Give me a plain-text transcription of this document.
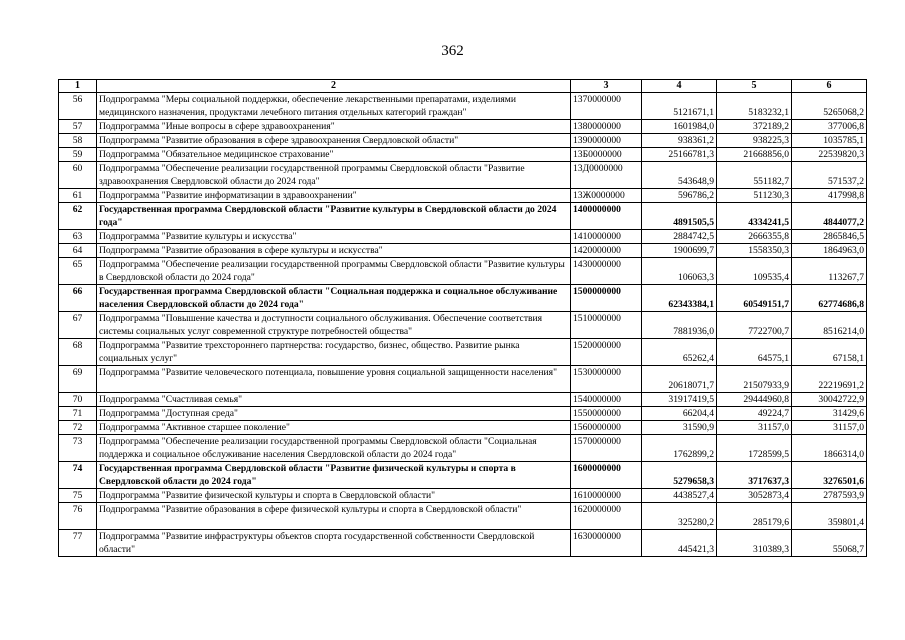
362
1	2	3	4	5	6
56	Подпрограмма "Меры социальной поддержки, обеспечение лекарственными препаратами, изделиями медицинского назначения, продуктами лечебного питания отдельных категорий граждан"	1370000000	5121671,1	5183232,1	5265068,2
57	Подпрограмма "Иные вопросы в сфере здравоохранения"	1380000000	1601984,0	372189,2	377006,8
58	Подпрограмма "Развитие образования в сфере здравоохранения Свердловской области"	1390000000	938361,2	938225,3	1035785,1
59	Подпрограмма "Обязательное медицинское страхование"	13Б0000000	25166781,3	21668856,0	22539820,3
60	Подпрограмма "Обеспечение реализации государственной программы Свердловской области "Развитие здравоохранения Свердловской области до 2024 года"	13Д0000000	543648,9	551182,7	571537,2
61	Подпрограмма "Развитие информатизации в здравоохранении"	13Ж0000000	596786,2	511230,3	417998,8
62	Государственная программа Свердловской области "Развитие культуры в Свердловской области до 2024 года"	1400000000	4891505,5	4334241,5	4844077,2
63	Подпрограмма "Развитие культуры и искусства"	1410000000	2884742,5	2666355,8	2865846,5
64	Подпрограмма "Развитие образования в сфере культуры и искусства"	1420000000	1900699,7	1558350,3	1864963,0
65	Подпрограмма "Обеспечение реализации государственной программы Свердловской области "Развитие культуры в Свердловской области до 2024 года"	1430000000	106063,3	109535,4	113267,7
66	Государственная программа Свердловской области "Социальная поддержка и социальное обслуживание населения Свердловской области до 2024 года"	1500000000	62343384,1	60549151,7	62774686,8
67	Подпрограмма "Повышение качества и доступности социального обслуживания. Обеспечение соответствия системы социальных услуг современной структуре потребностей общества"	1510000000	7881936,0	7722700,7	8516214,0
68	Подпрограмма "Развитие трехстороннего партнерства: государство, бизнес, общество. Развитие рынка социальных услуг"	1520000000	65262,4	64575,1	67158,1
69	Подпрограмма "Развитие человеческого потенциала, повышение уровня социальной защищенности населения"	1530000000	20618071,7	21507933,9	22219691,2
70	Подпрограмма "Счастливая семья"	1540000000	31917419,5	29444960,8	30042722,9
71	Подпрограмма "Доступная среда"	1550000000	66204,4	49224,7	31429,6
72	Подпрограмма "Активное старшее поколение"	1560000000	31590,9	31157,0	31157,0
73	Подпрограмма "Обеспечение реализации государственной программы Свердловской области "Социальная поддержка и социальное обслуживание населения Свердловской области до 2024 года"	1570000000	1762899,2	1728599,5	1866314,0
74	Государственная программа Свердловской области "Развитие физической культуры и спорта в Свердловской области до 2024 года"	1600000000	5279658,3	3717637,3	3276501,6
75	Подпрограмма "Развитие физической культуры и спорта в Свердловской области"	1610000000	4438527,4	3052873,4	2787593,9
76	Подпрограмма "Развитие образования в сфере физической культуры и спорта в Свердловской области"	1620000000	325280,2	285179,6	359801,4
77	Подпрограмма "Развитие инфраструктуры объектов спорта государственной собственности Свердловской области"	1630000000	445421,3	310389,3	55068,7
